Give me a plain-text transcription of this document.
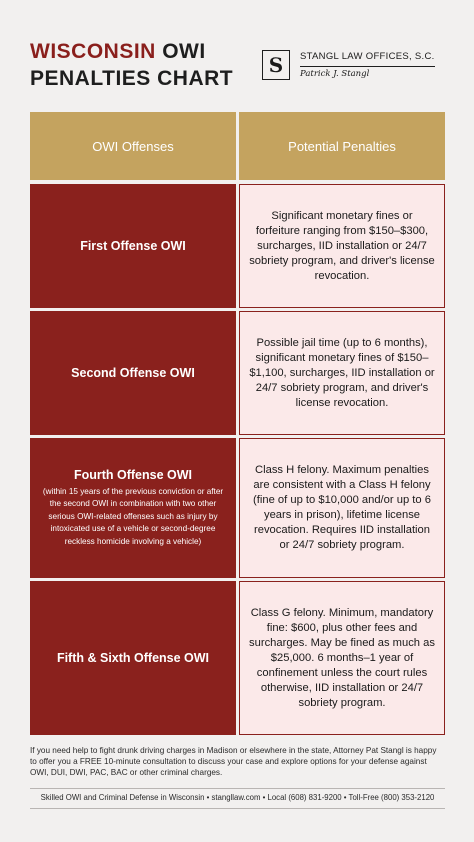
WISCONSIN OWI
PENALTIES CHART
S	STANGL LAW OFFICES, S.C.
Patrick J. Stangl
OWI Offenses	Potential Penalties
First Offense OWI
Significant monetary fines or forfeiture ranging from $150–$300, surcharges, IID installation or 24/7 sobriety program, and driver's license revocation.
Second Offense OWI
Possible jail time (up to 6 months), significant monetary fines of $150–$1,100, surcharges, IID installation or 24/7 sobriety program, and driver's license revocation.
Fourth Offense OWI
(within 15 years of the previous conviction or after the second OWI in combination with two other serious OWI-related offenses such as injury by intoxicated use of a vehicle or second-degree reckless homicide involving a vehicle)
Class H felony. Maximum penalties are consistent with a Class H felony (fine of up to $10,000 and/or up to 6 years in prison), lifetime license revocation. Requires IID installation or 24/7 sobriety program.
Fifth & Sixth Offense OWI
Class G felony. Minimum, mandatory fine: $600, plus other fees and surcharges. May be fined as much as $25,000. 6 months–1 year of confinement unless the court rules otherwise, IID installation or 24/7 sobriety program.
If you need help to fight drunk driving charges in Madison or elsewhere in the state, Attorney Pat Stangl is happy to offer you a FREE 10-minute consultation to discuss your case and explore options for your defense against OWI, DUI, DWI, PAC, BAC or other criminal charges.
Skilled OWI and Criminal Defense in Wisconsin • stangllaw.com • Local (608) 831-9200 • Toll-Free (800) 353-2120
